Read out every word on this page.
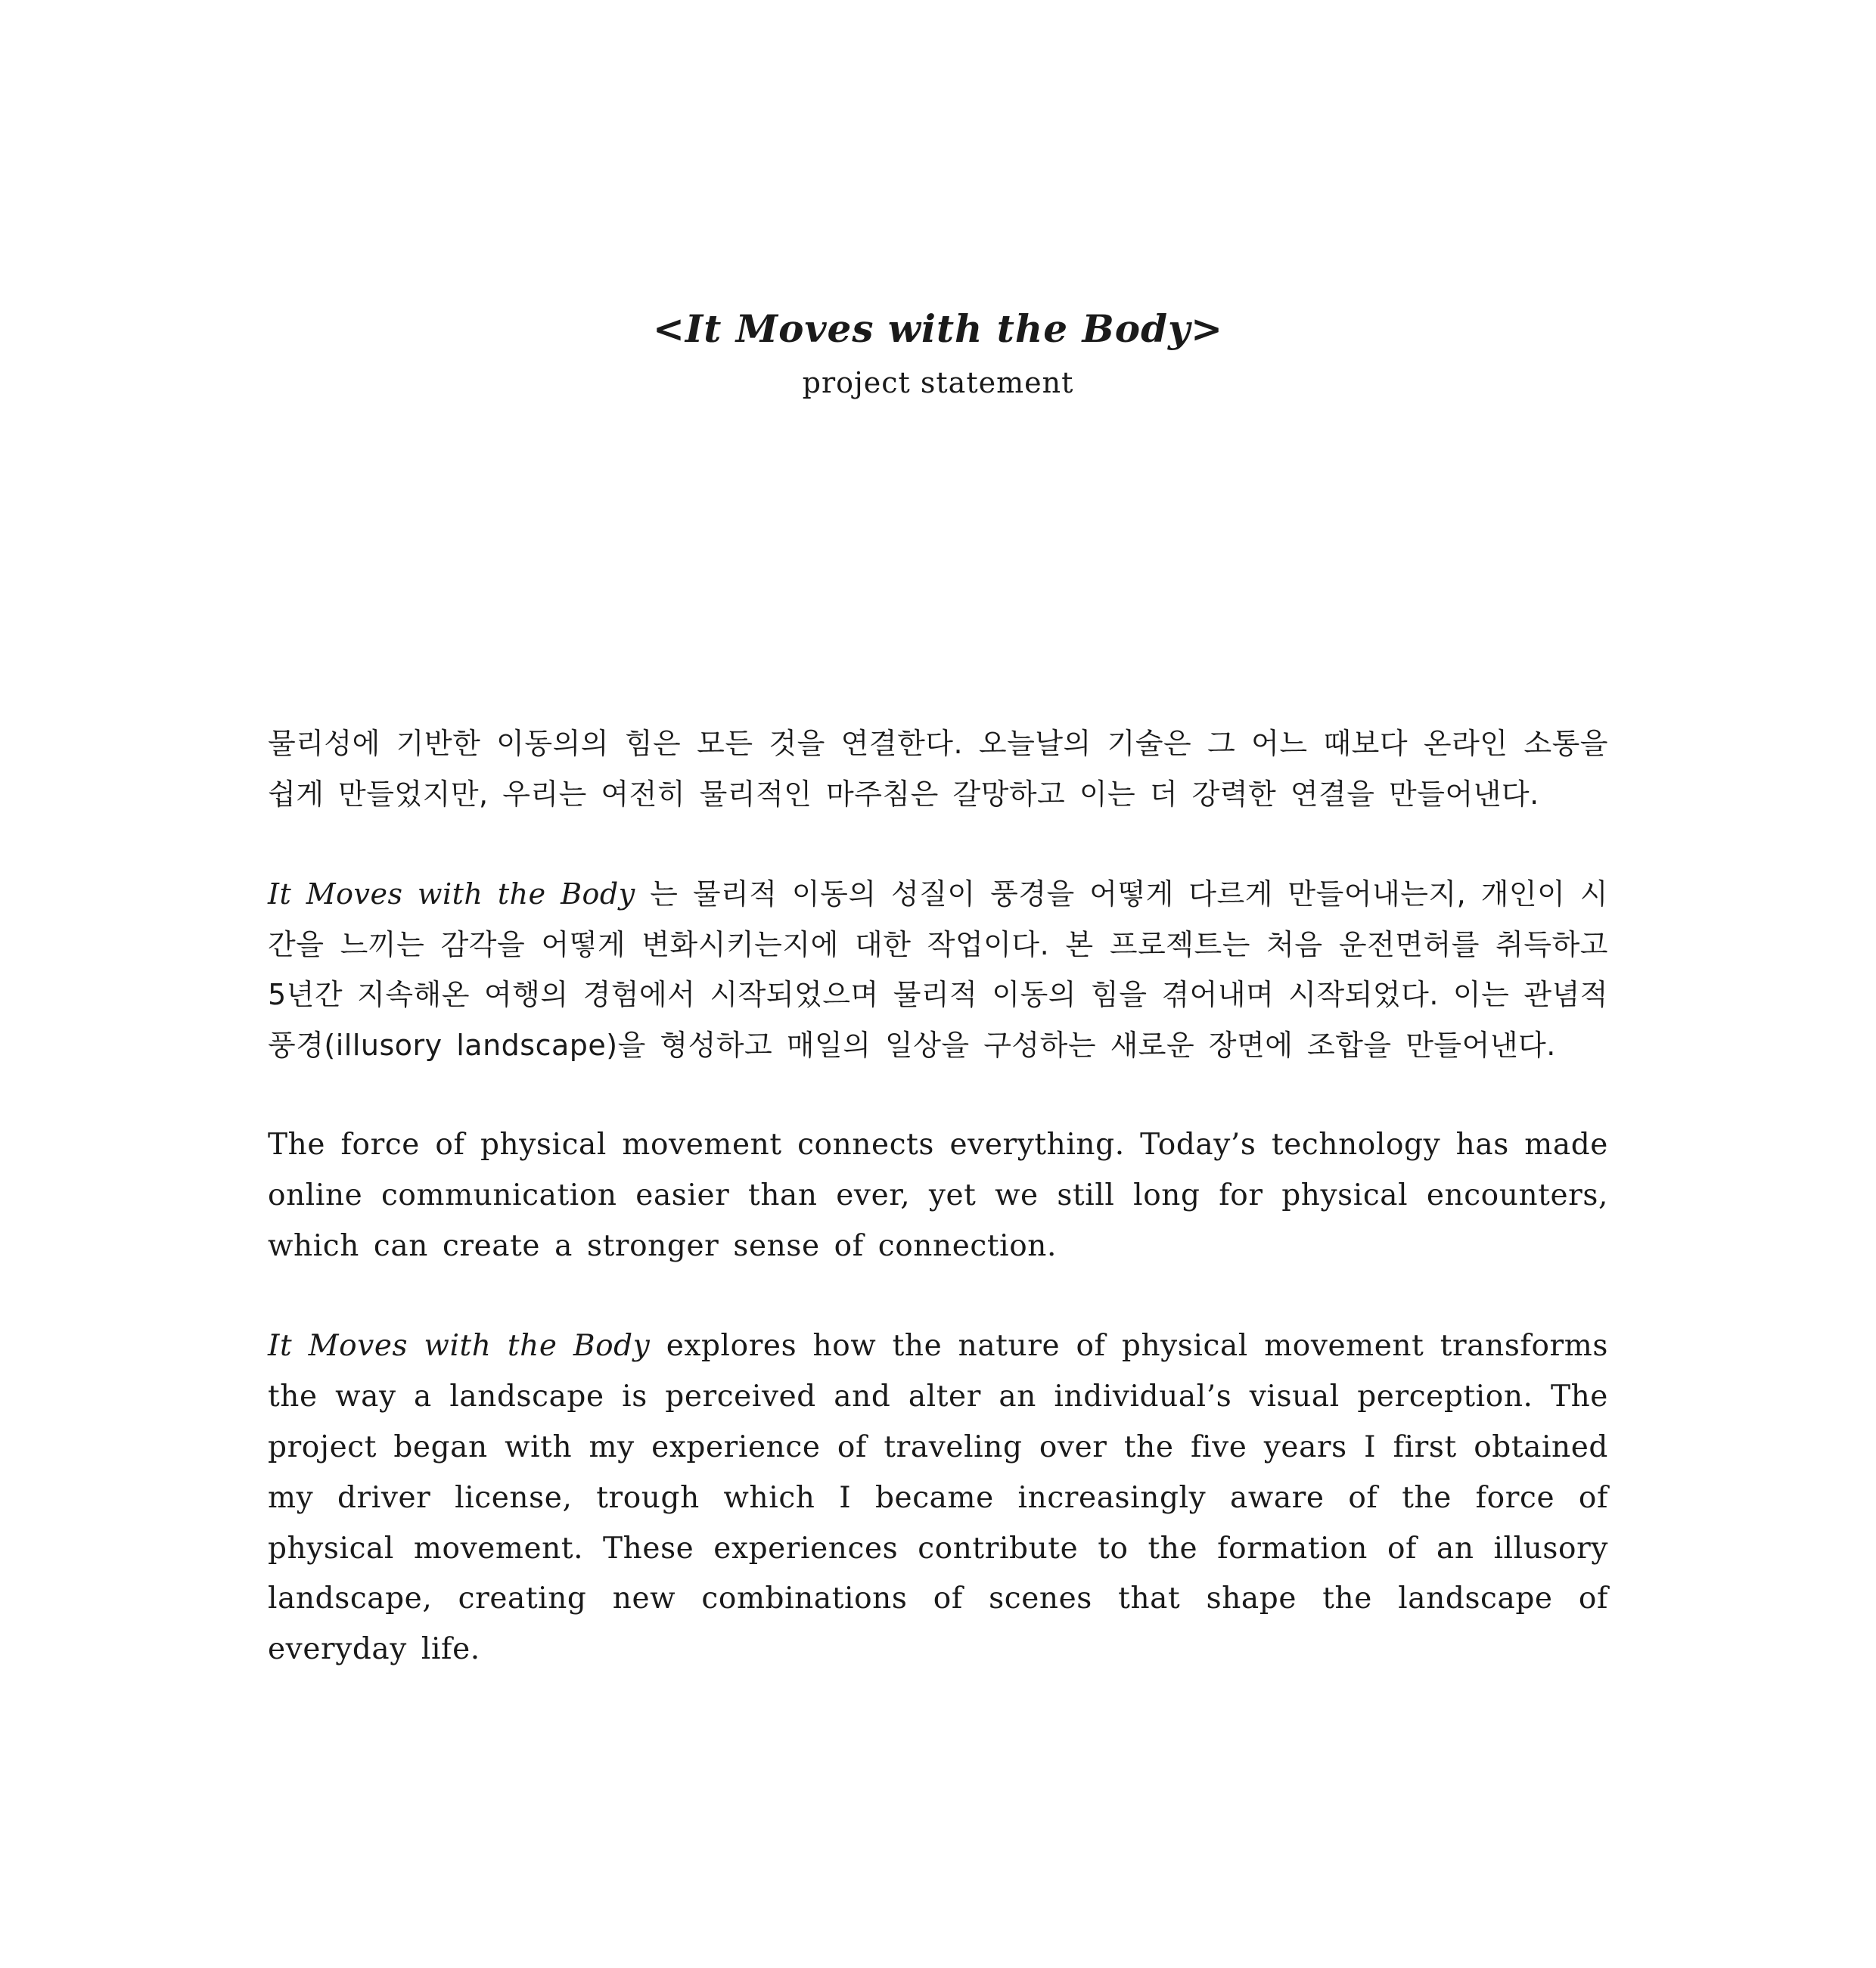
<It Moves with the Body>

project statement

물리성에 기반한 이동의의 힘은 모든 것을 연결한다. 오늘날의 기술은 그 어느 때보다 온라인 소통을 쉽게 만들었지만, 우리는 여전히 물리적인 마주침은 갈망하고 이는 더 강력한 연결을 만들어낸다.

It Moves with the Body 는 물리적 이동의 성질이 풍경을 어떻게 다르게 만들어내는지, 개인이 시간을 느끼는 감각을 어떻게 변화시키는지에 대한 작업이다. 본 프로젝트는 처음 운전면허를 취득하고 5년간 지속해온 여행의 경험에서 시작되었으며 물리적 이동의 힘을 겪어내며 시작되었다. 이는 관념적 풍경(illusory landscape)을 형성하고 매일의 일상을 구성하는 새로운 장면에 조합을 만들어낸다.

The force of physical movement connects everything. Today’s technology has made online communication easier than ever, yet we still long for physical encounters, which can create a stronger sense of connection.

It Moves with the Body explores how the nature of physical movement transforms the way a landscape is perceived and alter an individual’s visual perception. The project began with my experience of traveling over the five years I first obtained my driver license, trough which I became increasingly aware of the force of physical movement. These experiences contribute to the formation of an illusory landscape, creating new combinations of scenes that shape the landscape of everyday life.
